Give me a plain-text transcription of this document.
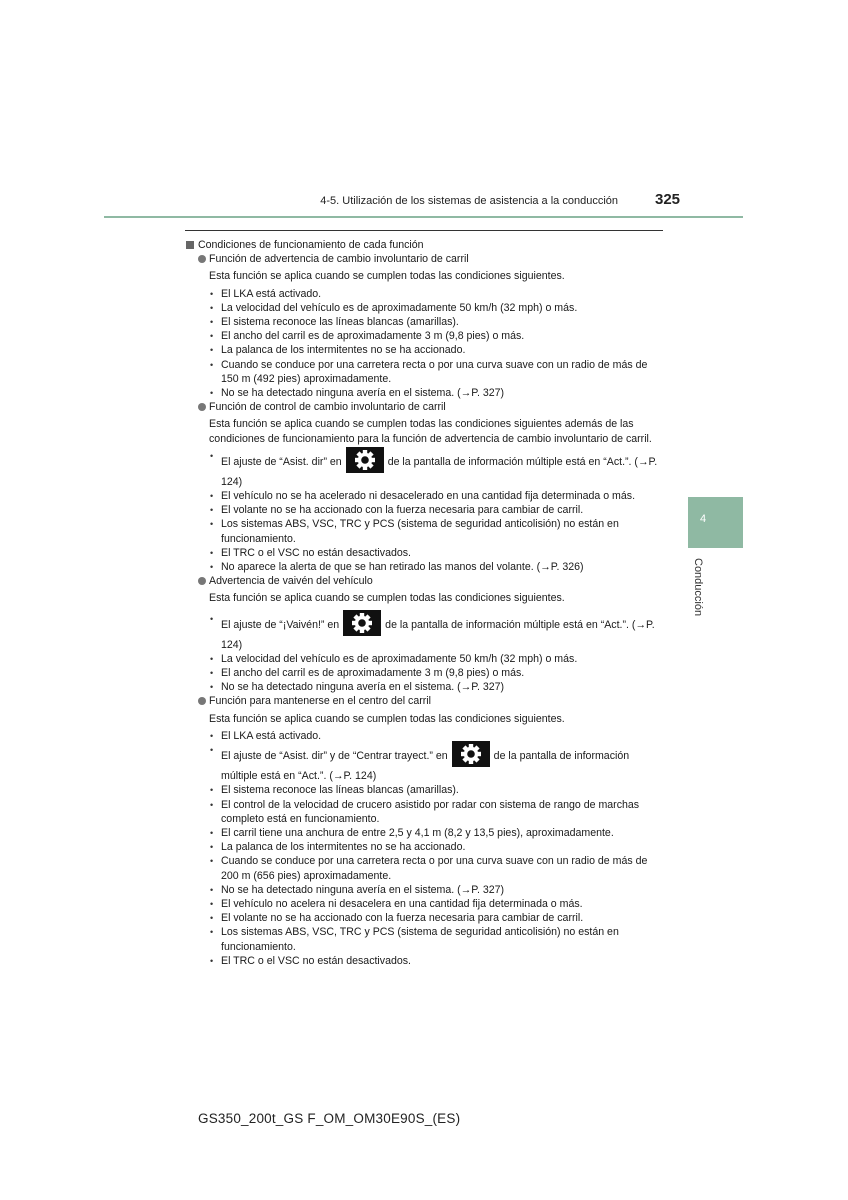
4-5. Utilización de los sistemas de asistencia a la conducción 325
4
Conducción
Condiciones de funcionamiento de cada función
Función de advertencia de cambio involuntario de carril
Esta función se aplica cuando se cumplen todas las condiciones siguientes.
• El LKA está activado.
• La velocidad del vehículo es de aproximadamente 50 km/h (32 mph) o más.
• El sistema reconoce las líneas blancas (amarillas).
• El ancho del carril es de aproximadamente 3 m (9,8 pies) o más.
• La palanca de los intermitentes no se ha accionado.
• Cuando se conduce por una carretera recta o por una curva suave con un radio de más de 150 m (492 pies) aproximadamente.
• No se ha detectado ninguna avería en el sistema. (→P. 327)
Función de control de cambio involuntario de carril
Esta función se aplica cuando se cumplen todas las condiciones siguientes además de las condiciones de funcionamiento para la función de advertencia de cambio involuntario de carril.
• El ajuste de “Asist. dir” en	de la pantalla de información múltiple está en “Act.”. (→P. 124)
• El vehículo no se ha acelerado ni desacelerado en una cantidad fija determinada o más.
• El volante no se ha accionado con la fuerza necesaria para cambiar de carril.
• Los sistemas ABS, VSC, TRC y PCS (sistema de seguridad anticolisión) no están en funcionamiento.
• El TRC o el VSC no están desactivados.
• No aparece la alerta de que se han retirado las manos del volante. (→P. 326)
Advertencia de vaivén del vehículo
Esta función se aplica cuando se cumplen todas las condiciones siguientes.
• El ajuste de “¡Vaivén!” en	de la pantalla de información múltiple está en “Act.”. (→P. 124)
• La velocidad del vehículo es de aproximadamente 50 km/h (32 mph) o más.
• El ancho del carril es de aproximadamente 3 m (9,8 pies) o más.
• No se ha detectado ninguna avería en el sistema. (→P. 327)
Función para mantenerse en el centro del carril
Esta función se aplica cuando se cumplen todas las condiciones siguientes.
• El LKA está activado.
• El ajuste de “Asist. dir” y de “Centrar trayect.” en	de la pantalla de información múltiple está en “Act.”. (→P. 124)
• El sistema reconoce las líneas blancas (amarillas).
• El control de la velocidad de crucero asistido por radar con sistema de rango de marchas completo está en funcionamiento.
• El carril tiene una anchura de entre 2,5 y 4,1 m (8,2 y 13,5 pies), aproximadamente.
• La palanca de los intermitentes no se ha accionado.
• Cuando se conduce por una carretera recta o por una curva suave con un radio de más de 200 m (656 pies) aproximadamente.
• No se ha detectado ninguna avería en el sistema. (→P. 327)
• El vehículo no acelera ni desacelera en una cantidad fija determinada o más.
• El volante no se ha accionado con la fuerza necesaria para cambiar de carril.
• Los sistemas ABS, VSC, TRC y PCS (sistema de seguridad anticolisión) no están en funcionamiento.
• El TRC o el VSC no están desactivados.
GS350_200t_GS F_OM_OM30E90S_(ES)
